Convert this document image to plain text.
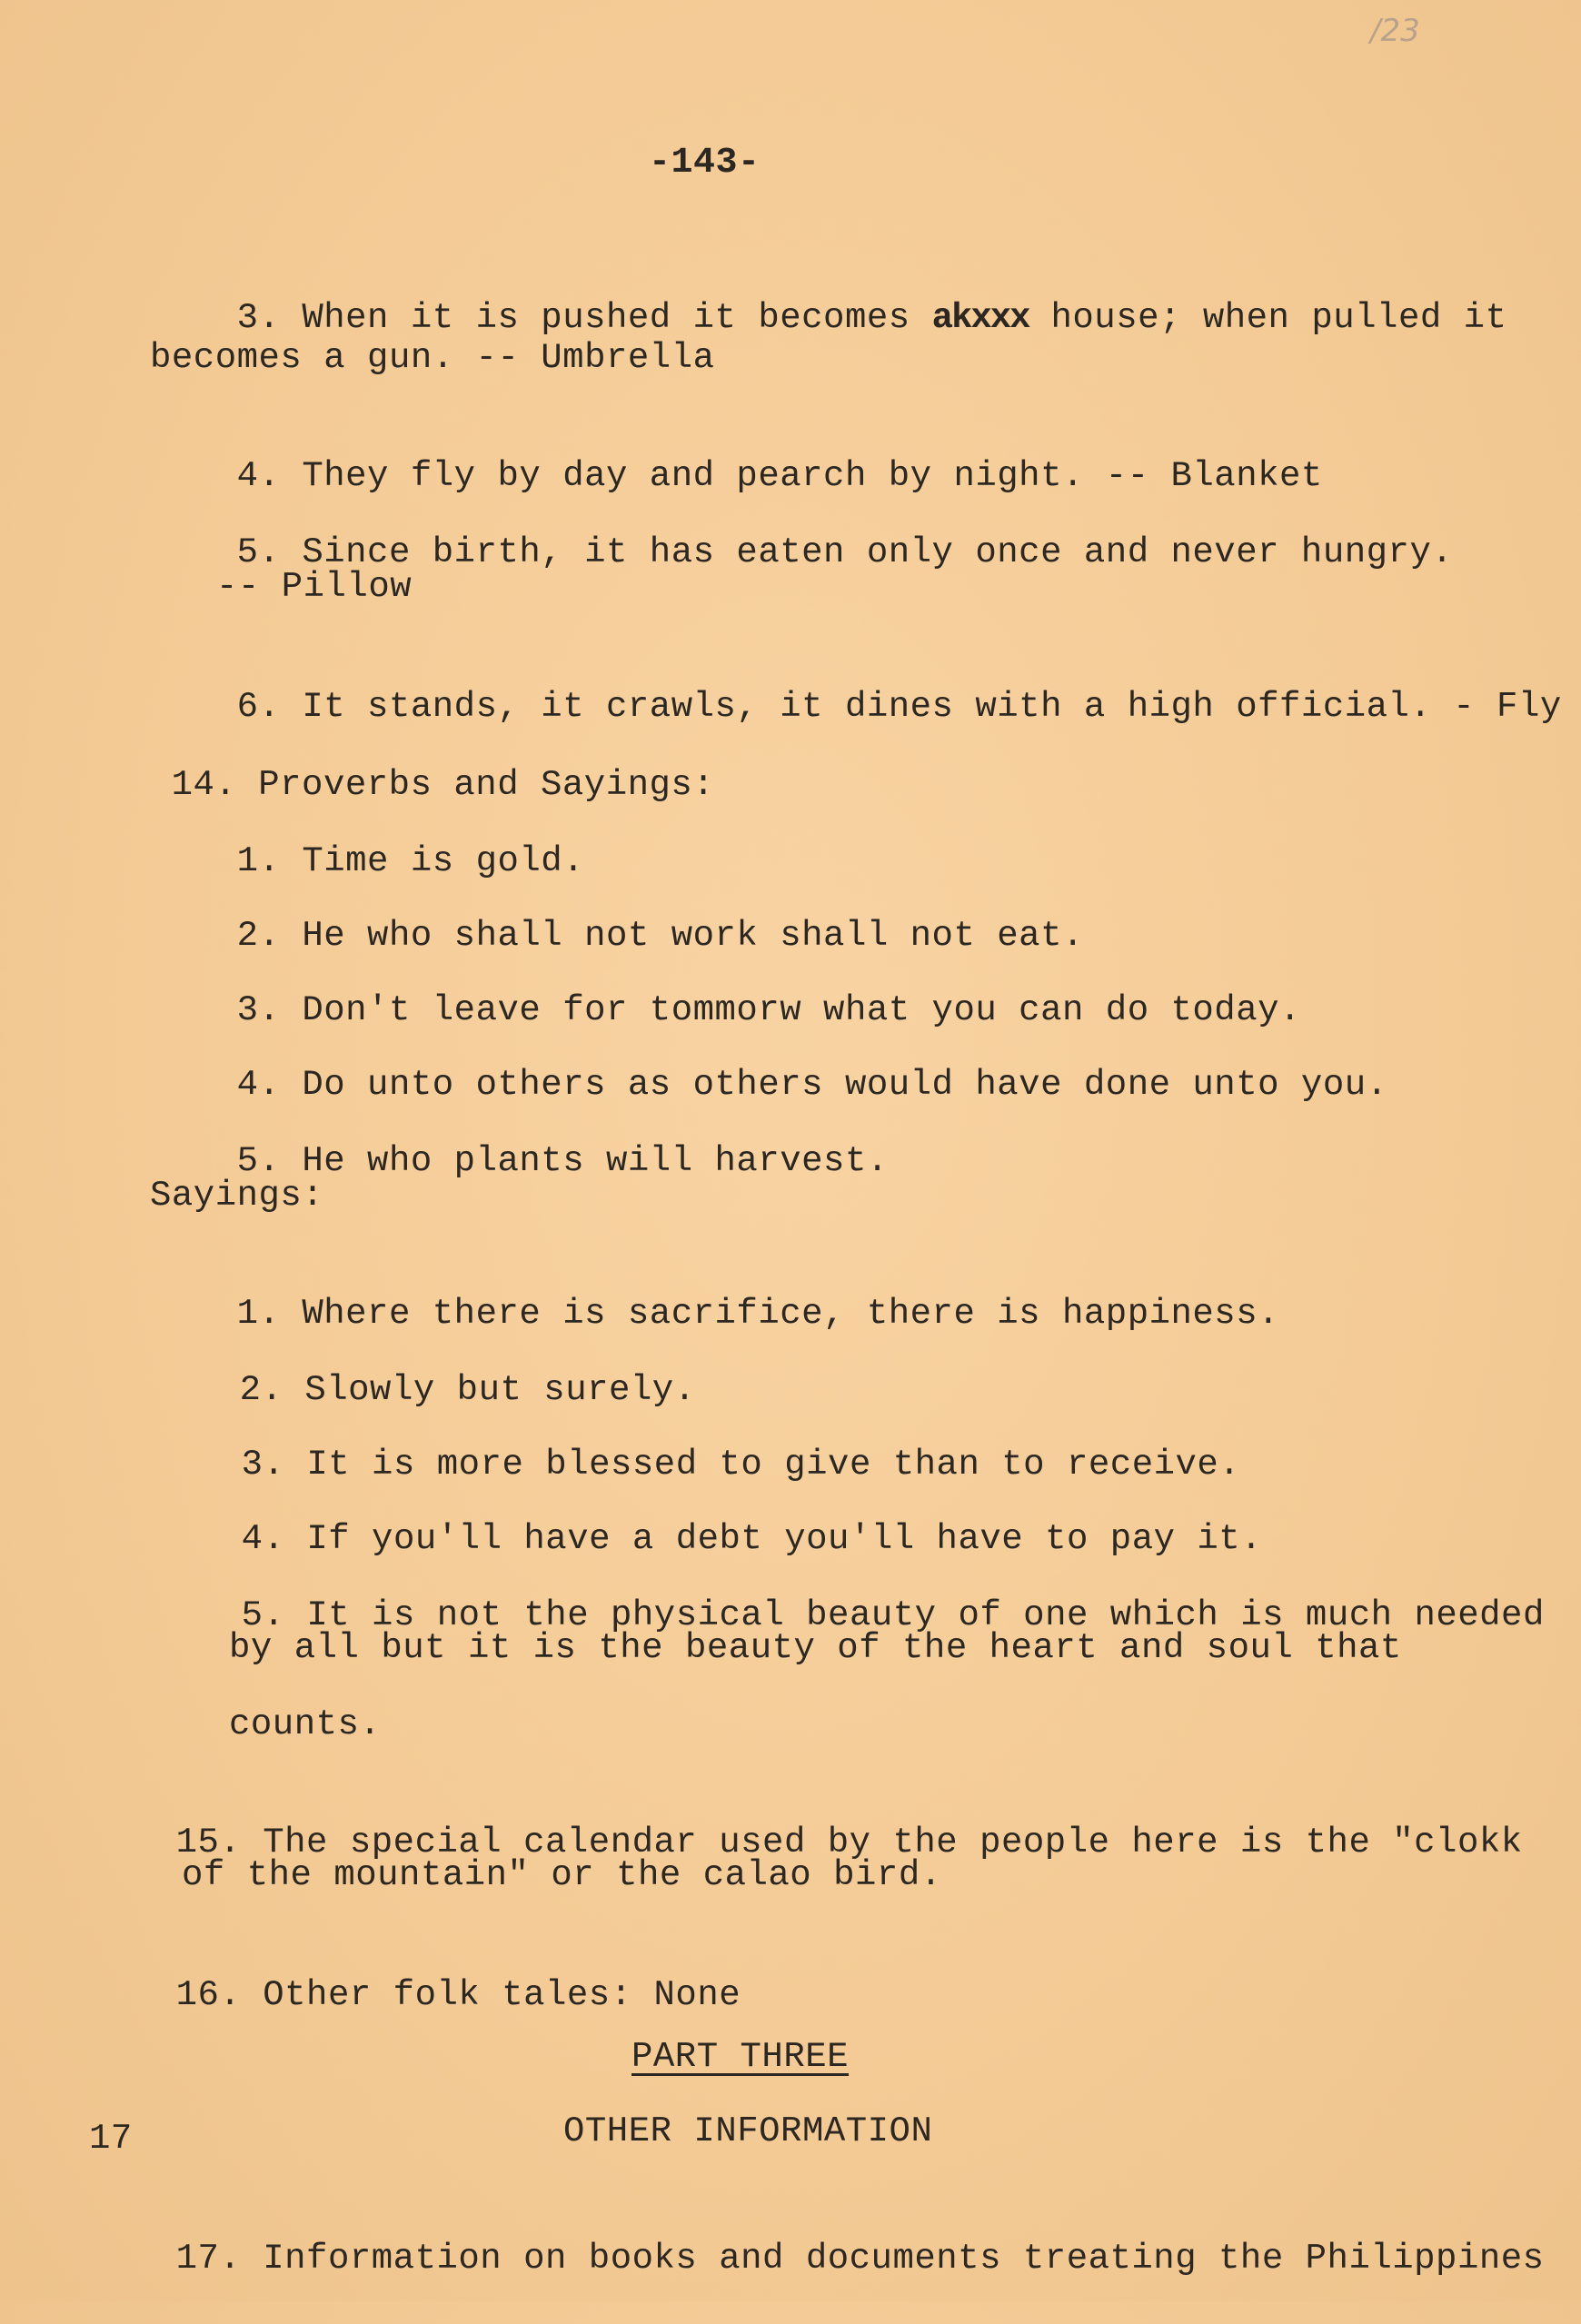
/23
-143-

3. When it is pushed it becomes akxxx house; when pulled it

becomes a gun. -- Umbrella

4. They fly by day and pearch by night. -- Blanket

5. Since birth, it has eaten only once and never hungry.

-- Pillow

6. It stands, it crawls, it dines with a high official. - Fly

14. Proverbs and Sayings:

1. Time is gold.

2. He who shall not work shall not eat.

3. Don't leave for tommorw what you can do today.

4. Do unto others as others would have done unto you.

5. He who plants will harvest.

Sayings:

1. Where there is sacrifice, there is happiness.

2. Slowly but surely.

3. It is more blessed to give than to receive.

4. If you'll have a debt you'll have to pay it.

5. It is not the physical beauty of one which is much needed

by all but it is the beauty of the heart and soul that
counts.

15. The special calendar used by the people here is the "clokk

of the mountain" or the calao bird.

16. Other folk tales: None

PART THREE
17	OTHER INFORMATION

17. Information on books and documents treating the Philippines
